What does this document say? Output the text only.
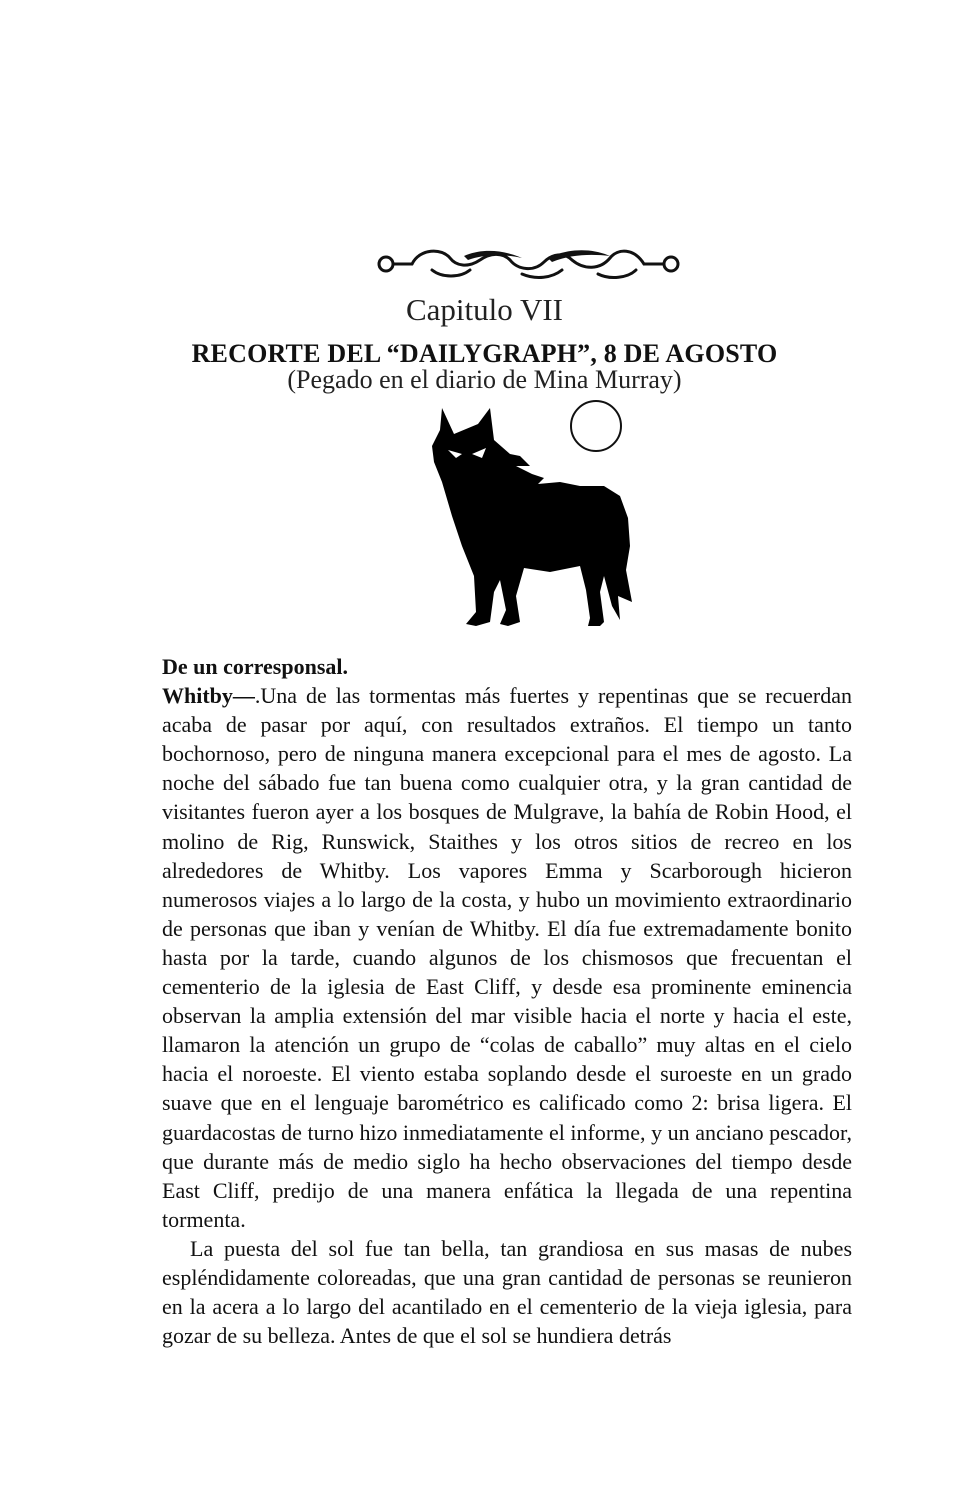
Capitulo VII
RECORTE DEL “DAILYGRAPH”, 8 DE AGOSTO
(Pegado en el diario de Mina Murray)

De un corresponsal.

Whitby—.Una de las tormentas más fuertes y repentinas que se recuerdan acaba de pasar por aquí, con resultados extraños. El tiempo un tanto bochornoso, pero de ninguna manera excepcional para el mes de agosto. La noche del sábado fue tan buena como cualquier otra, y la gran cantidad de visitantes fueron ayer a los bosques de Mulgrave, la bahía de Robin Hood, el molino de Rig, Runswick, Staithes y los otros sitios de recreo en los alrededores de Whitby. Los vapores Emma y Scarborough hicieron numerosos viajes a lo largo de la costa, y hubo un movimiento extraordinario de personas que iban y venían de Whitby. El día fue extremadamente bonito hasta por la tarde, cuando algunos de los chismosos que frecuentan el cementerio de la iglesia de East Cliff, y desde esa prominente eminencia observan la amplia extensión del mar visible hacia el norte y hacia el este, llamaron la atención un grupo de “colas de caballo” muy altas en el cielo hacia el noroeste. El viento estaba soplando desde el suroeste en un grado suave que en el lenguaje barométrico es calificado como 2: brisa ligera. El guardacostas de turno hizo inmediatamente el informe, y un anciano pescador, que durante más de medio siglo ha hecho observaciones del tiempo desde East Cliff, predijo de una manera enfática la llegada de una repentina tormenta.

La puesta del sol fue tan bella, tan grandiosa en sus masas de nubes espléndidamente coloreadas, que una gran cantidad de personas se reunieron en la acera a lo largo del acantilado en el cementerio de la vieja iglesia, para gozar de su belleza. Antes de que el sol se hundiera detrás
